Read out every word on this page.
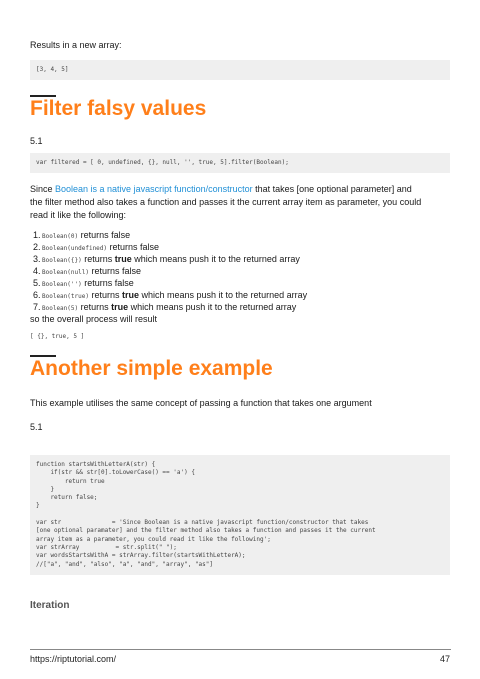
Results in a new array:
[3, 4, 5]
Filter falsy values
5.1
var filtered = [ 0, undefined, {}, null, '', true, 5].filter(Boolean);
Since Boolean is a native javascript function/constructor that takes [one optional parameter] and
the filter method also takes a function and passes it the current array item as parameter, you could
read it like the following:
1.Boolean(0) returns false
2.Boolean(undefined) returns false
3.Boolean({}) returns true which means push it to the returned array
4.Boolean(null) returns false
5.Boolean('') returns false
6.Boolean(true) returns true which means push it to the returned array
7.Boolean(5) returns true which means push it to the returned array
so the overall process will result
[ {}, true, 5 ]
Another simple example
This example utilises the same concept of passing a function that takes one argument
5.1
function startsWithLetterA(str) {
if(str && str[0].toLowerCase() == 'a') {
return true
}
return false;
}

var str              = 'Since Boolean is a native javascript function/constructor that takes
[one optional paramater] and the filter method also takes a function and passes it the current
array item as a parameter, you could read it like the following';
var strArray          = str.split(" ");
var wordsStartsWithA = strArray.filter(startsWithLetterA);
//["a", "and", "also", "a", "and", "array", "as"]
Iteration
https://riptutorial.com/	47
